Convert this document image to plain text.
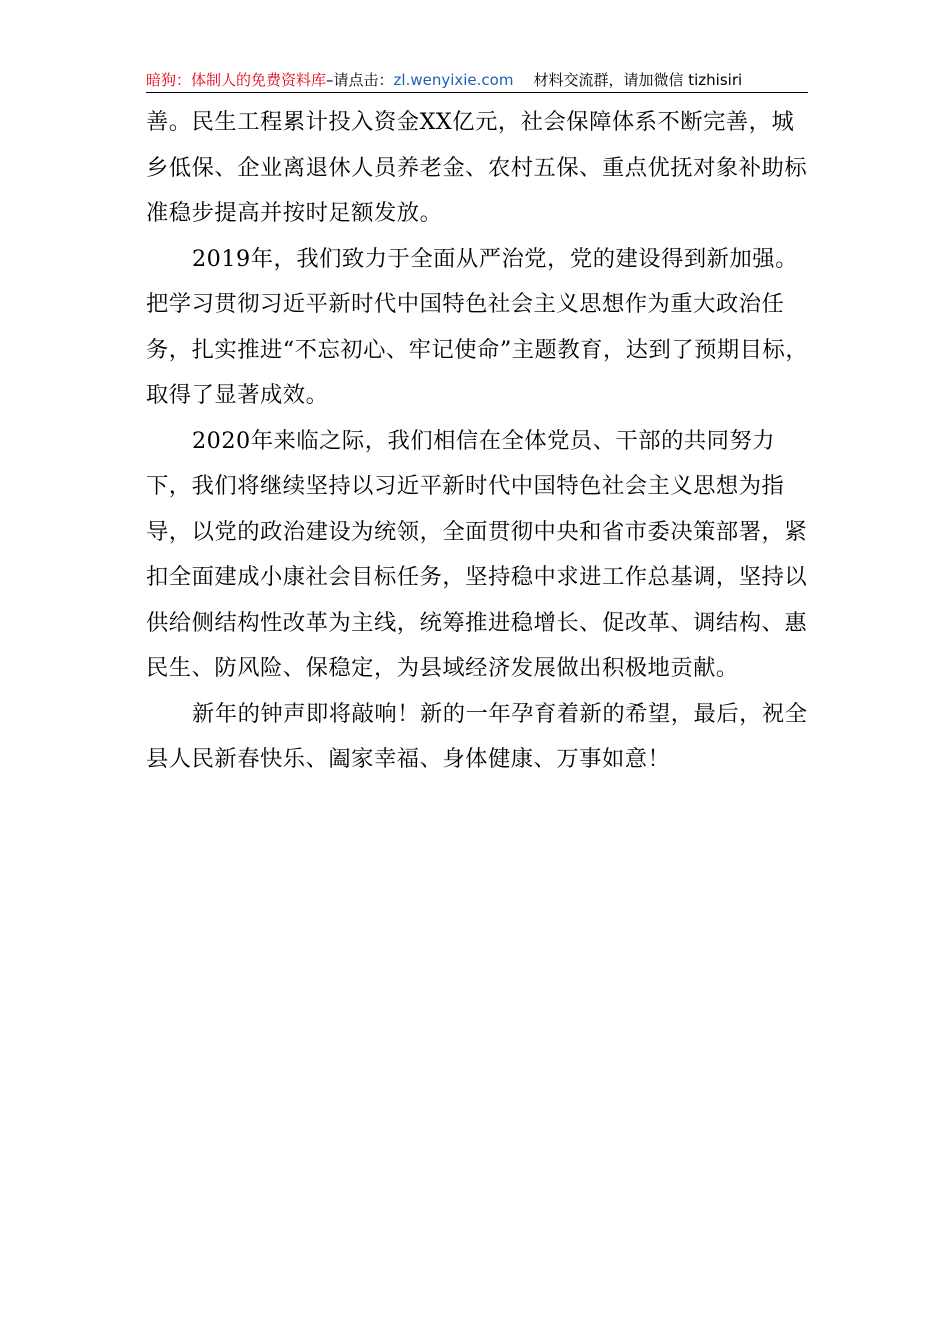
暗狗：体制人的免费资料库–请点击：zl.wenyixie.com 材料交流群，请加微信 tizhisiri

善。民生工程累计投入资金XX亿元，社会保障体系不断完善，城乡低保、企业离退休人员养老金、农村五保、重点优抚对象补助标准稳步提高并按时足额发放。

2019年，我们致力于全面从严治党，党的建设得到新加强。把学习贯彻习近平新时代中国特色社会主义思想作为重大政治任务，扎实推进“不忘初心、牢记使命”主题教育，达到了预期目标，取得了显著成效。

2020年来临之际，我们相信在全体党员、干部的共同努力下，我们将继续坚持以习近平新时代中国特色社会主义思想为指导，以党的政治建设为统领，全面贯彻中央和省市委决策部署，紧扣全面建成小康社会目标任务，坚持稳中求进工作总基调，坚持以供给侧结构性改革为主线，统筹推进稳增长、促改革、调结构、惠民生、防风险、保稳定，为县域经济发展做出积极地贡献。

新年的钟声即将敲响！新的一年孕育着新的希望，最后，祝全县人民新春快乐、阖家幸福、身体健康、万事如意！
